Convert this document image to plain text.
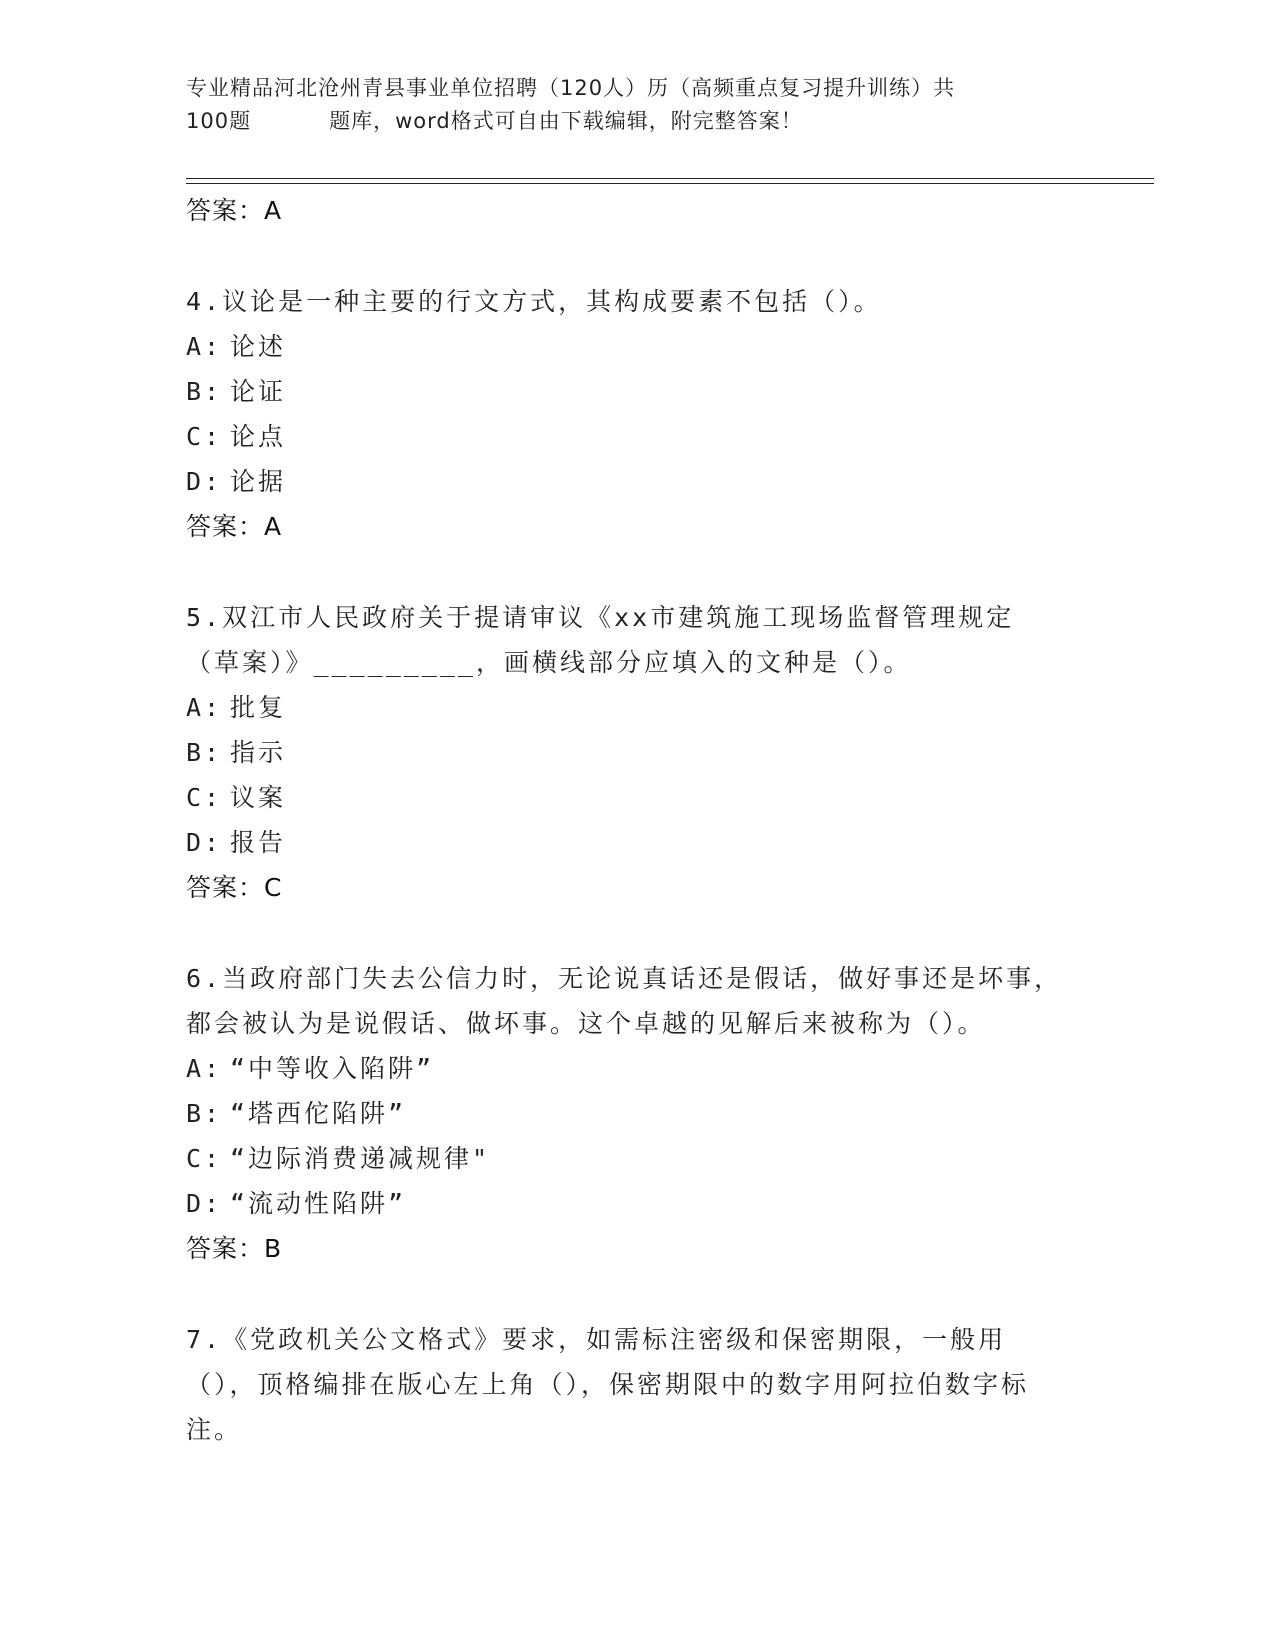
专业精品河北沧州青县事业单位招聘（120人）历（高频重点复习提升训练）共
100题	题库，word格式可自由下载编辑，附完整答案！
答案：A
4.议论是一种主要的行文方式，其构成要素不包括（）。
A: 论述
B: 论证
C: 论点
D: 论据
答案：A
5.双江市人民政府关于提请审议《xx市建筑施工现场监督管理规定（草案）》_________，画横线部分应填入的文种是（）。
A: 批复
B: 指示
C: 议案
D: 报告
答案：C
6.当政府部门失去公信力时，无论说真话还是假话，做好事还是坏事，都会被认为是说假话、做坏事。这个卓越的见解后来被称为（）。
A: “中等收入陷阱”
B: “塔西佗陷阱”
C: “边际消费递减规律"
D: “流动性陷阱”
答案：B
7.《党政机关公文格式》要求，如需标注密级和保密期限，一般用（），顶格编排在版心左上角（），保密期限中的数字用阿拉伯数字标注。
